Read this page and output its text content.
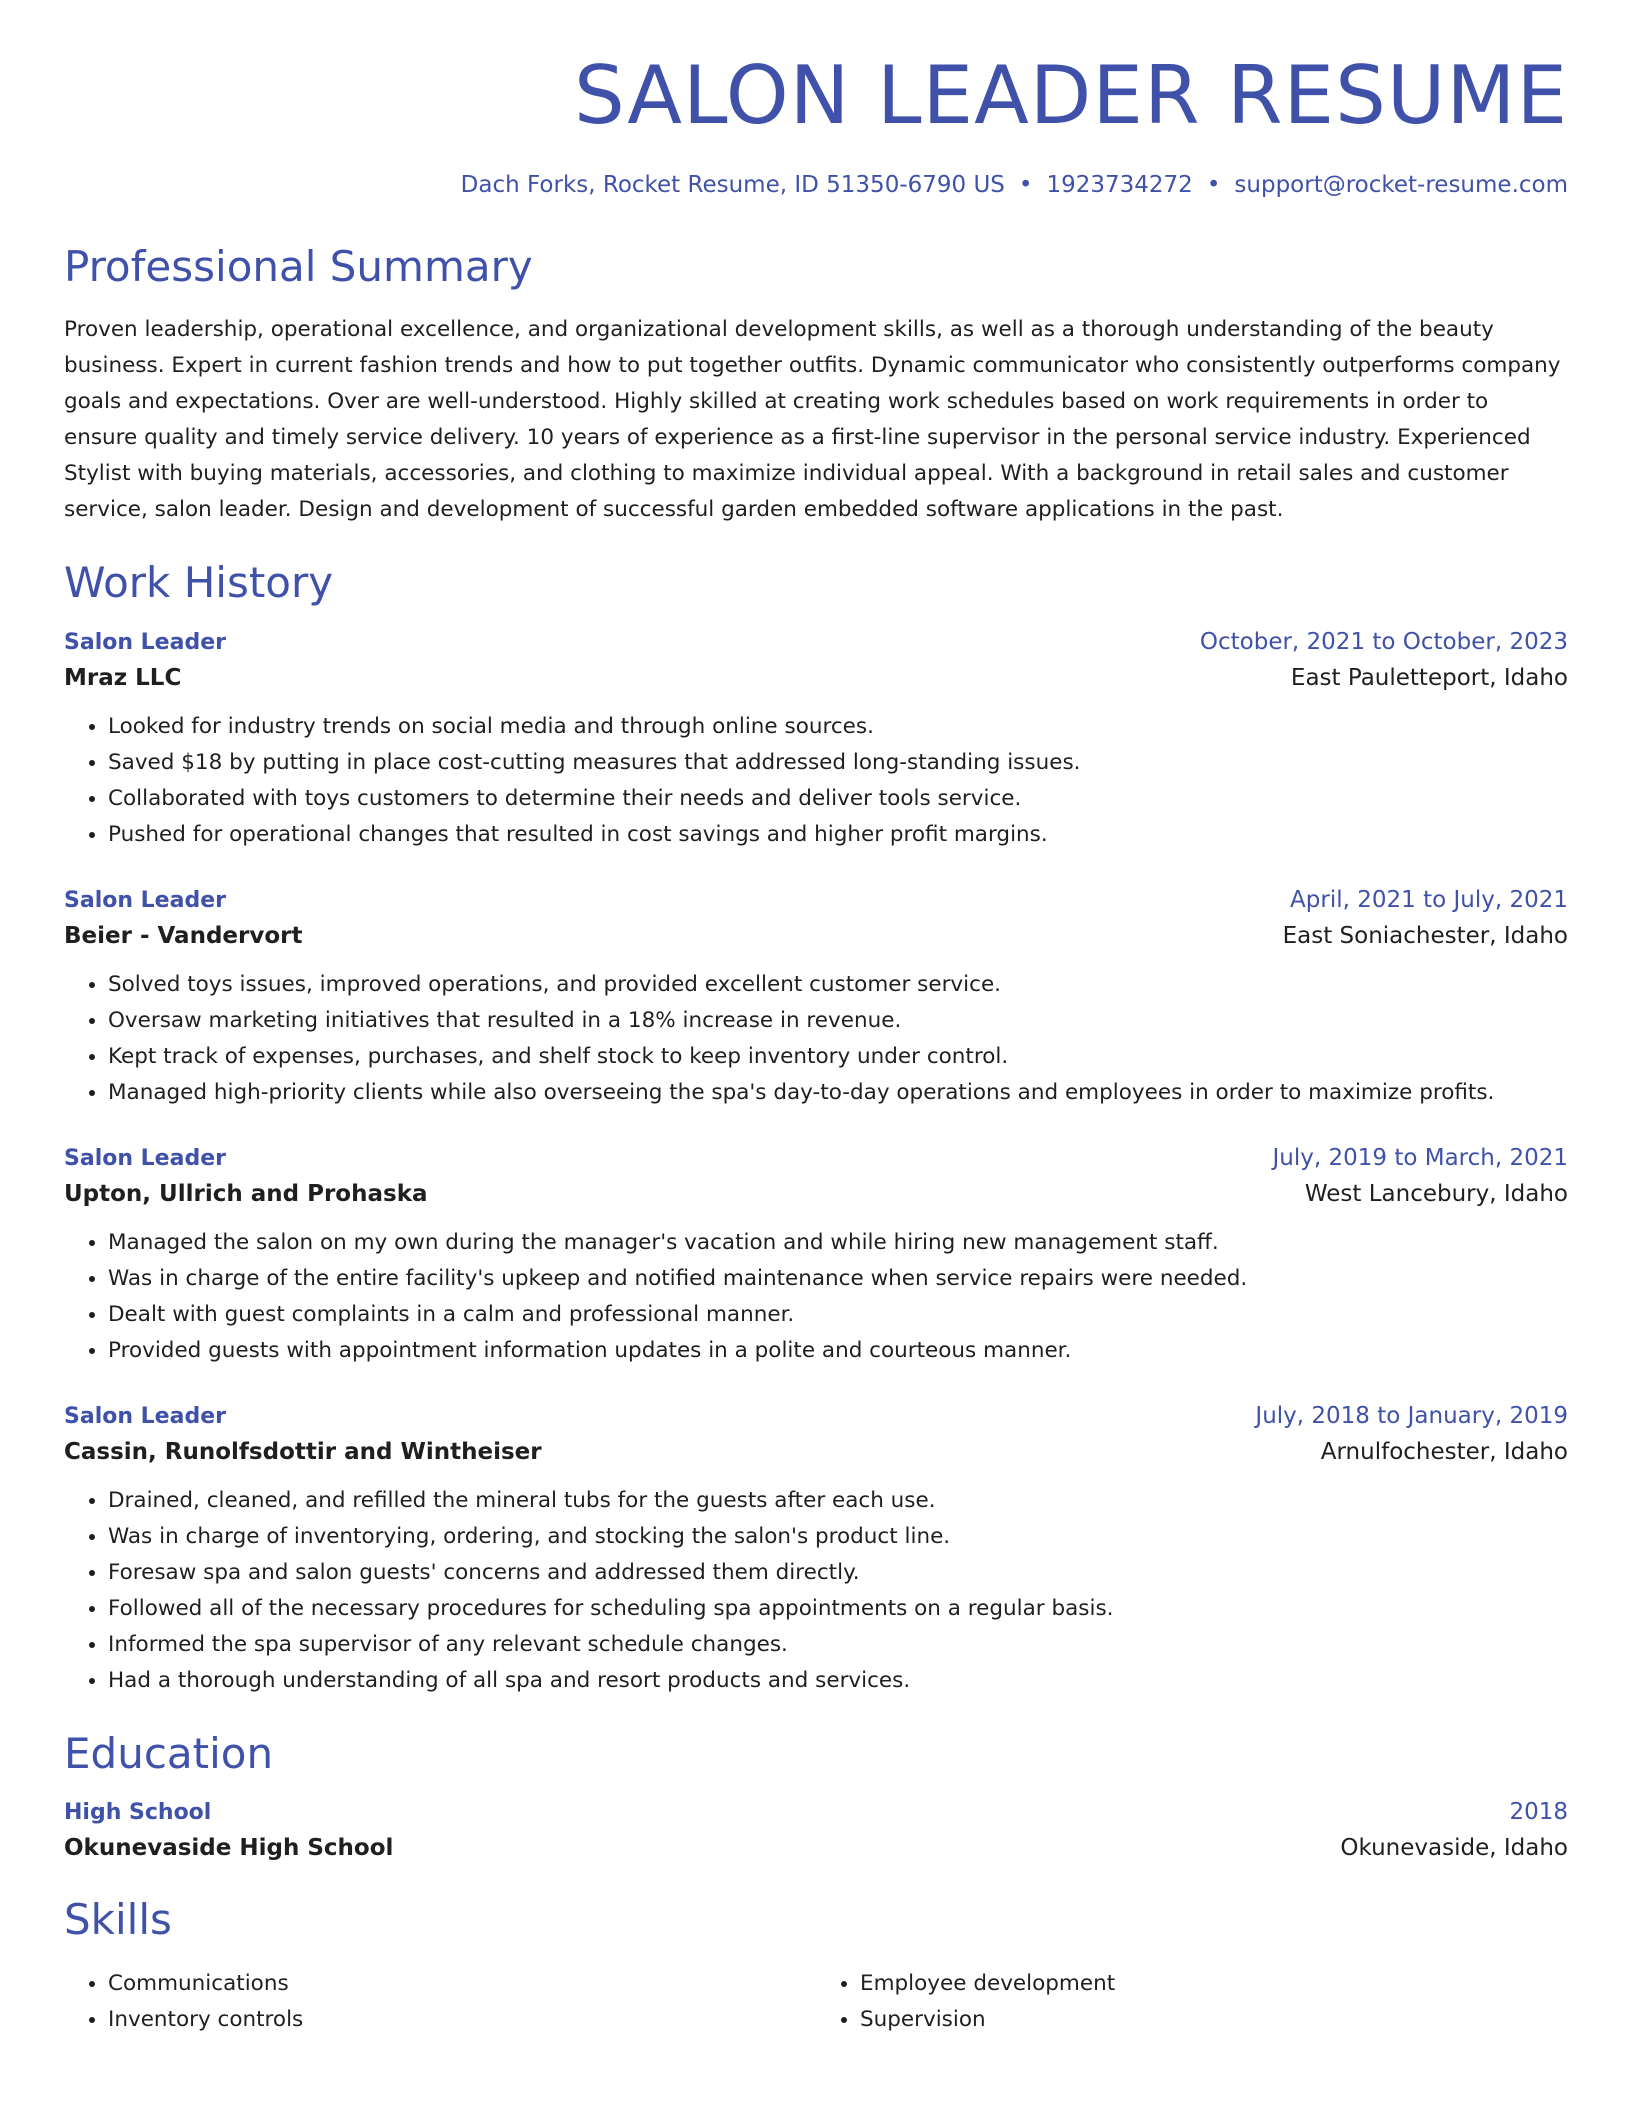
SALON LEADER RESUME
Dach Forks, Rocket Resume, ID 51350-6790 US • 1923734272 • support@rocket-resume.com
Professional Summary

Proven leadership, operational excellence, and organizational development skills, as well as a thorough understanding of the beauty business. Expert in current fashion trends and how to put together outfits. Dynamic communicator who consistently outperforms company goals and expectations. Over are well-understood. Highly skilled at creating work schedules based on work requirements in order to ensure quality and timely service delivery. 10 years of experience as a first-line supervisor in the personal service industry. Experienced Stylist with buying materials, accessories, and clothing to maximize individual appeal. With a background in retail sales and customer service, salon leader. Design and development of successful garden embedded software applications in the past.

Work History
Salon Leader	October, 2021 to October, 2023
Mraz LLC	East Pauletteport, Idaho
• Looked for industry trends on social media and through online sources.
• Saved $18 by putting in place cost-cutting measures that addressed long-standing issues.
• Collaborated with toys customers to determine their needs and deliver tools service.
• Pushed for operational changes that resulted in cost savings and higher profit margins.
Salon Leader	April, 2021 to July, 2021
Beier - Vandervort	East Soniachester, Idaho
• Solved toys issues, improved operations, and provided excellent customer service.
• Oversaw marketing initiatives that resulted in a 18% increase in revenue.
• Kept track of expenses, purchases, and shelf stock to keep inventory under control.
• Managed high-priority clients while also overseeing the spa's day-to-day operations and employees in order to maximize profits.
Salon Leader	July, 2019 to March, 2021
Upton, Ullrich and Prohaska	West Lancebury, Idaho
• Managed the salon on my own during the manager's vacation and while hiring new management staff.
• Was in charge of the entire facility's upkeep and notified maintenance when service repairs were needed.
• Dealt with guest complaints in a calm and professional manner.
• Provided guests with appointment information updates in a polite and courteous manner.
Salon Leader	July, 2018 to January, 2019
Cassin, Runolfsdottir and Wintheiser	Arnulfochester, Idaho
• Drained, cleaned, and refilled the mineral tubs for the guests after each use.
• Was in charge of inventorying, ordering, and stocking the salon's product line.
• Foresaw spa and salon guests' concerns and addressed them directly.
• Followed all of the necessary procedures for scheduling spa appointments on a regular basis.
• Informed the spa supervisor of any relevant schedule changes.
• Had a thorough understanding of all spa and resort products and services.
Education
High School	2018
Okunevaside High School	Okunevaside, Idaho
Skills
• Communications
• Inventory controls
• Employee development
• Supervision
